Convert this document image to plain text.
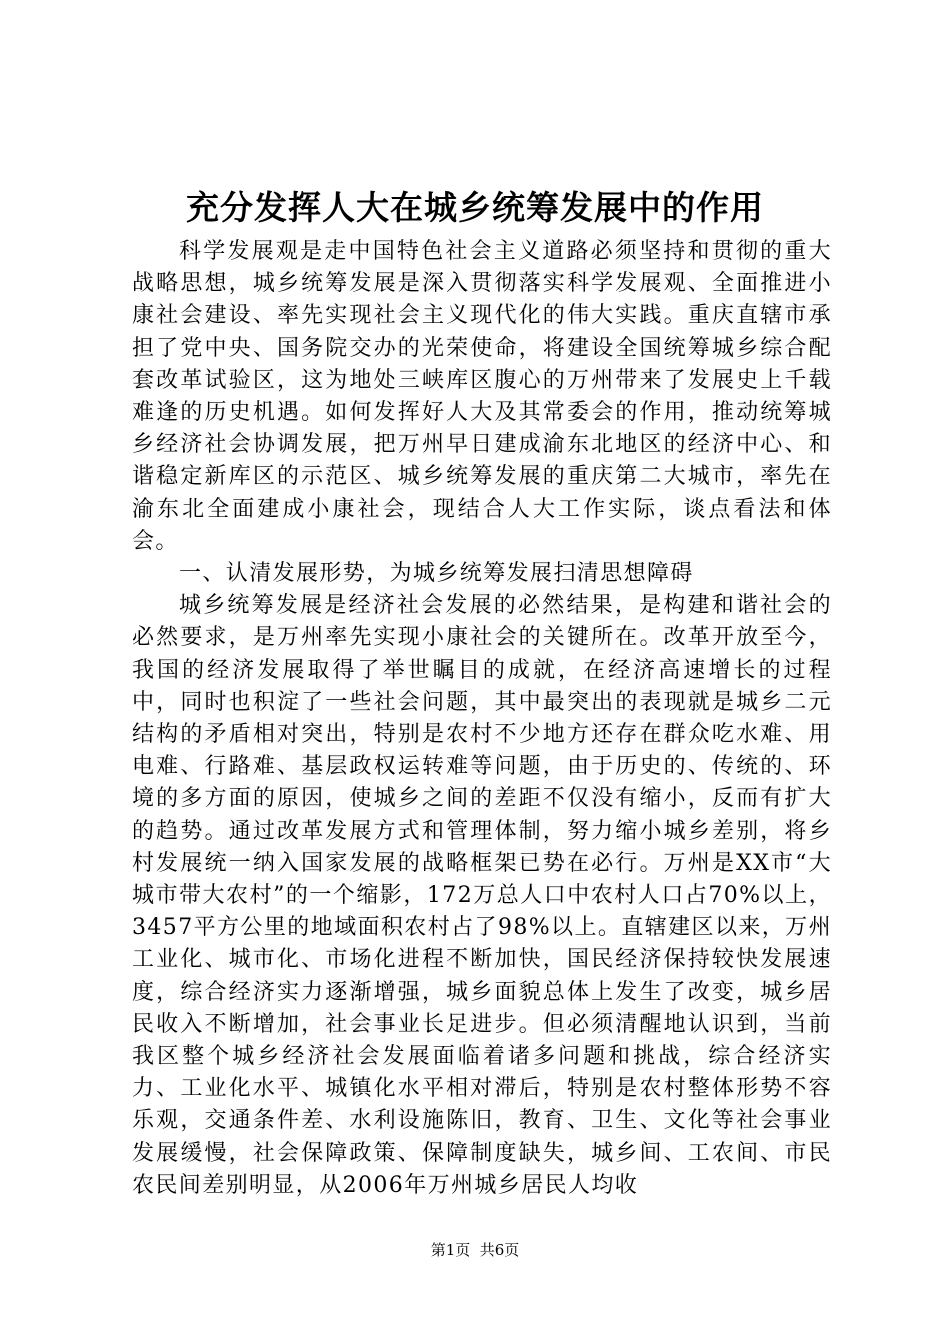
充分发挥人大在城乡统筹发展中的作用

科学发展观是走中国特色社会主义道路必须坚持和贯彻的重大战略思想，城乡统筹发展是深入贯彻落实科学发展观、全面推进小康社会建设、率先实现社会主义现代化的伟大实践。重庆直辖市承担了党中央、国务院交办的光荣使命，将建设全国统筹城乡综合配套改革试验区，这为地处三峡库区腹心的万州带来了发展史上千载难逢的历史机遇。如何发挥好人大及其常委会的作用，推动统筹城乡经济社会协调发展，把万州早日建成渝东北地区的经济中心、和谐稳定新库区的示范区、城乡统筹发展的重庆第二大城市，率先在渝东北全面建成小康社会，现结合人大工作实际，谈点看法和体会。

一、认清发展形势，为城乡统筹发展扫清思想障碍

城乡统筹发展是经济社会发展的必然结果，是构建和谐社会的必然要求，是万州率先实现小康社会的关键所在。改革开放至今，我国的经济发展取得了举世瞩目的成就，在经济高速增长的过程中，同时也积淀了一些社会问题，其中最突出的表现就是城乡二元结构的矛盾相对突出，特别是农村不少地方还存在群众吃水难、用电难、行路难、基层政权运转难等问题，由于历史的、传统的、环境的多方面的原因，使城乡之间的差距不仅没有缩小，反而有扩大的趋势。通过改革发展方式和管理体制，努力缩小城乡差别，将乡村发展统一纳入国家发展的战略框架已势在必行。万州是XX市“大城市带大农村”的一个缩影，172万总人口中农村人口占70%以上，3457平方公里的地域面积农村占了98%以上。直辖建区以来，万州工业化、城市化、市场化进程不断加快，国民经济保持较快发展速度，综合经济实力逐渐增强，城乡面貌总体上发生了改变，城乡居民收入不断增加，社会事业长足进步。但必须清醒地认识到，当前我区整个城乡经济社会发展面临着诸多问题和挑战，综合经济实力、工业化水平、城镇化水平相对滞后，特别是农村整体形势不容乐观，交通条件差、水利设施陈旧，教育、卫生、文化等社会事业发展缓慢，社会保障政策、保障制度缺失，城乡间、工农间、市民农民间差别明显，从2006年万州城乡居民人均收

第1页  共6页
